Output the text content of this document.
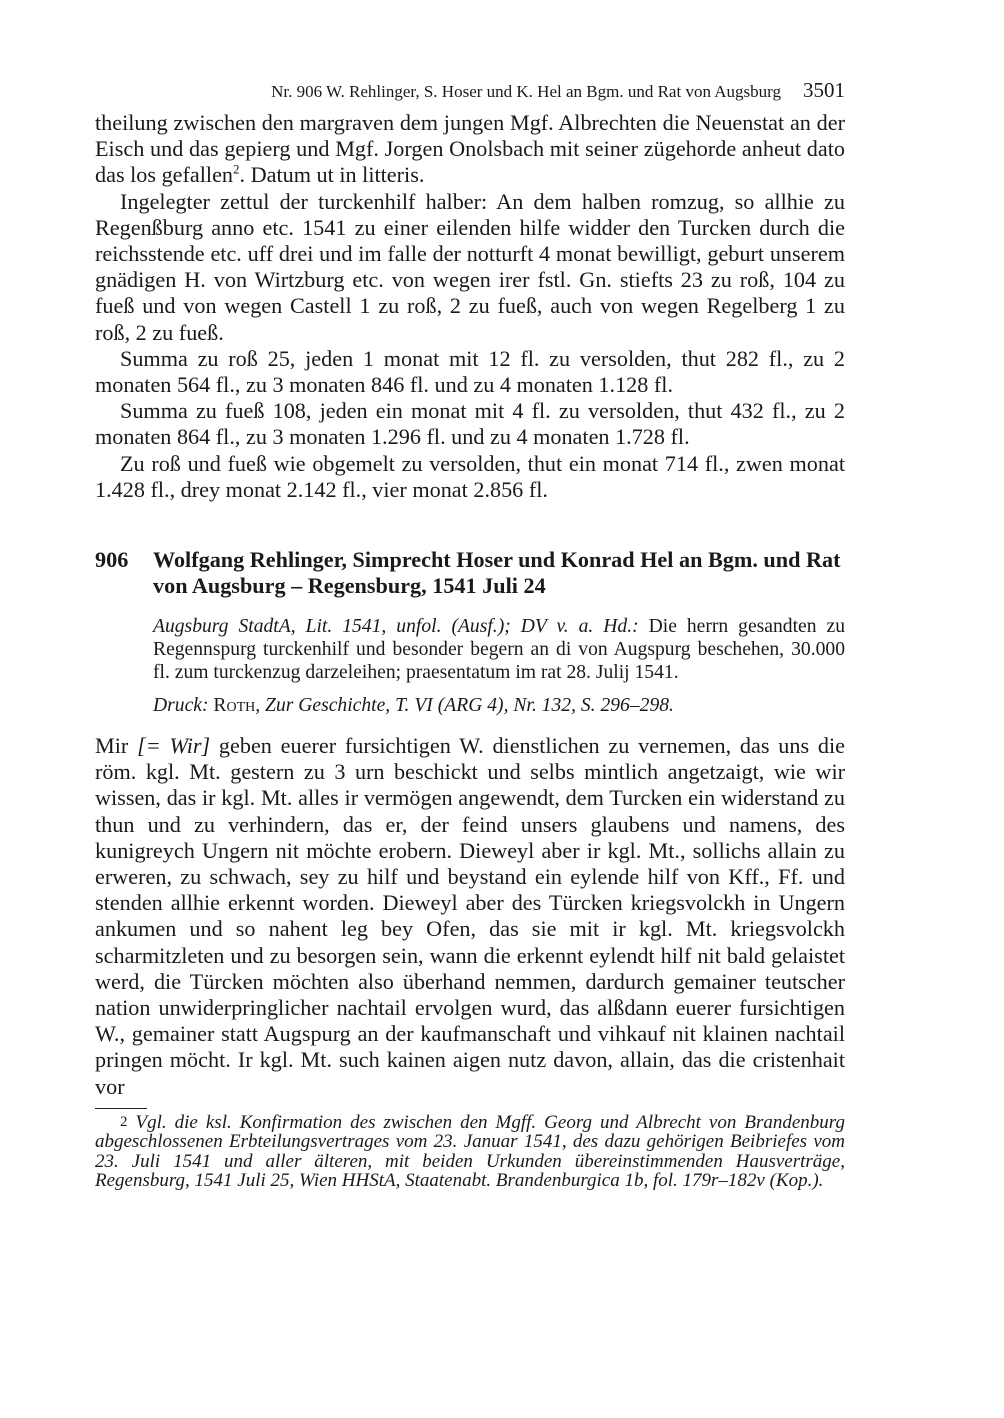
Nr. 906 W. Rehlinger, S. Hoser und K. Hel an Bgm. und Rat von Augsburg 3501

theilung zwischen den margraven dem jungen Mgf. Albrechten die Neuenstat an der Eisch und das gepierg und Mgf. Jorgen Onolsbach mit seiner zügehorde anheut dato das los gefallen$^2$. Datum ut in litteris.

Ingelegter zettul der turckenhilf halber: An dem halben romzug, so allhie zu Regenßburg anno etc. 1541 zu einer eilenden hilfe widder den Turcken durch die reichsstende etc. uff drei und im falle der notturft 4 monat bewilligt, geburt unserem gnädigen H. von Wirtzburg etc. von wegen irer fstl. Gn. stiefts 23 zu roß, 104 zu fueß und von wegen Castell 1 zu roß, 2 zu fueß, auch von wegen Regelberg 1 zu roß, 2 zu fueß.

Summa zu roß 25, jeden 1 monat mit 12 fl. zu versolden, thut 282 fl., zu 2 monaten 564 fl., zu 3 monaten 846 fl. und zu 4 monaten 1.128 fl.

Summa zu fueß 108, jeden ein monat mit 4 fl. zu versolden, thut 432 fl., zu 2 monaten 864 fl., zu 3 monaten 1.296 fl. und zu 4 monaten 1.728 fl.

Zu roß und fueß wie obgemelt zu versolden, thut ein monat 714 fl., zwen monat 1.428 fl., drey monat 2.142 fl., vier monat 2.856 fl.

906	Wolfgang Rehlinger, Simprecht Hoser und Konrad Hel an Bgm. und Rat von Augsburg – Regensburg, 1541 Juli 24

Augsburg StadtA, Lit. 1541, unfol. (Ausf.); DV v. a. Hd.: Die herrn gesandten zu Regennspurg turckenhilf und besonder begern an di von Augspurg beschehen, 30.000 fl. zum turckenzug darzeleihen; praesentatum im rat 28. Julij 1541.

Druck: Roth, Zur Geschichte, T. VI (ARG 4), Nr. 132, S. 296–298.

Mir [= Wir] geben euerer fursichtigen W. dienstlichen zu vernemen, das uns die röm. kgl. Mt. gestern zu 3 urn beschickt und selbs mintlich angetzaigt, wie wir wissen, das ir kgl. Mt. alles ir vermögen angewendt, dem Turcken ein widerstand zu thun und zu verhindern, das er, der feind unsers glaubens und namens, des kunigreych Ungern nit möchte erobern. Dieweyl aber ir kgl. Mt., sollichs allain zu erweren, zu schwach, sey zu hilf und beystand ein eylende hilf von Kff., Ff. und stenden allhie erkennt worden. Dieweyl aber des Türcken kriegsvolckh in Ungern ankumen und so nahent leg bey Ofen, das sie mit ir kgl. Mt. kriegsvolckh scharmitzleten und zu besorgen sein, wann die erkennt eylendt hilf nit bald gelaistet werd, die Türcken möchten also überhand nemmen, dardurch gemainer teutscher nation unwiderpringlicher nachtail ervolgen wurd, das alßdann euerer fursichtigen W., gemainer statt Augspurg an der kaufmanschaft und vihkauf nit klainen nachtail pringen möcht. Ir kgl. Mt. such kainen aigen nutz davon, allain, das die cristenhait vor

$^2$ Vgl. die ksl. Konfirmation des zwischen den Mgff. Georg und Albrecht von Brandenburg abgeschlossenen Erbteilungsvertrages vom 23. Januar 1541, des dazu gehörigen Beibriefes vom 23. Juli 1541 und aller älteren, mit beiden Urkunden übereinstimmenden Hausverträge, Regensburg, 1541 Juli 25, Wien HHStA, Staatenabt. Brandenburgica 1b, fol. 179r–182v (Kop.).
